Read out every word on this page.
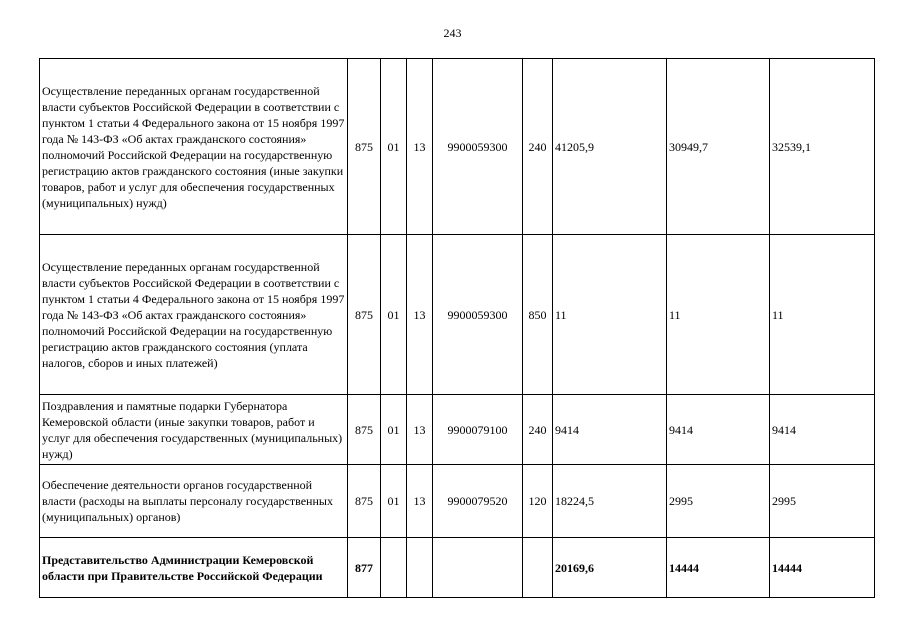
243
Осуществление переданных органам государственной власти субъектов Российской Федерации в соответствии с пунктом 1 статьи 4 Федерального закона от 15 ноября 1997 года № 143-ФЗ «Об актах гражданского состояния» полномочий Российской Федерации на государственную регистрацию актов гражданского состояния (иные закупки товаров, работ и услуг для обеспечения государственных (муниципальных) нужд)	875	01	13	9900059300	240	41205,9	30949,7	32539,1
Осуществление переданных органам государственной власти субъектов Российской Федерации в соответствии с пунктом 1 статьи 4 Федерального закона от 15 ноября 1997 года № 143-ФЗ «Об актах гражданского состояния» полномочий Российской Федерации на государственную регистрацию актов гражданского состояния (уплата налогов, сборов и иных платежей)	875	01	13	9900059300	850	11	11	11
Поздравления и памятные подарки Губернатора Кемеровской области (иные закупки товаров, работ и услуг для обеспечения государственных (муниципальных) нужд)	875	01	13	9900079100	240	9414	9414	9414
Обеспечение деятельности органов государственной власти (расходы на выплаты персоналу государственных (муниципальных) органов)	875	01	13	9900079520	120	18224,5	2995	2995
Представительство Администрации Кемеровской области при Правительстве Российской Федерации	877					20169,6	14444	14444
